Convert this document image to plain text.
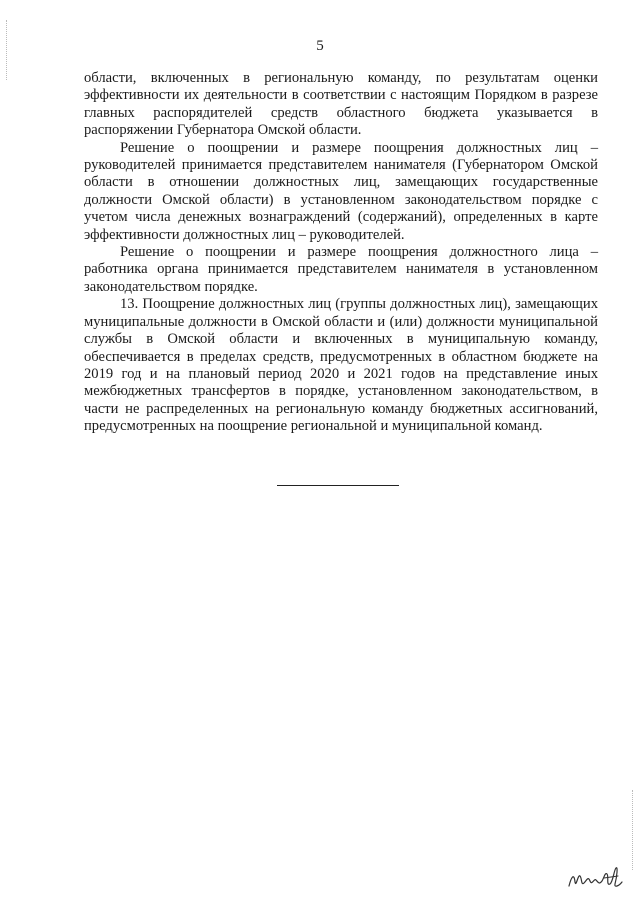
5

области, включенных в региональную команду, по результатам оценки эффективности их деятельности в соответствии с настоящим Порядком в разрезе главных распорядителей средств областного бюджета указывается в распоряжении Губернатора Омской области.

Решение о поощрении и размере поощрения должностных лиц – руководителей принимается представителем нанимателя (Губернатором Омской области в отношении должностных лиц, замещающих государственные должности Омской области) в установленном законодательством порядке с учетом числа денежных вознаграждений (содержаний), определенных в карте эффективности должностных лиц – руководителей.

Решение о поощрении и размере поощрения должностного лица – работника органа принимается представителем нанимателя в установленном законодательством порядке.

13. Поощрение должностных лиц (группы должностных лиц), замещающих муниципальные должности в Омской области и (или) должности муниципальной службы в Омской области и включенных в муниципальную команду, обеспечивается в пределах средств, предусмотренных в областном бюджете на 2019 год и на плановый период 2020 и 2021 годов на представление иных межбюджетных трансфертов в порядке, установленном законодательством, в части не распределенных на региональную команду бюджетных ассигнований, предусмотренных на поощрение региональной и муниципальной команд.
